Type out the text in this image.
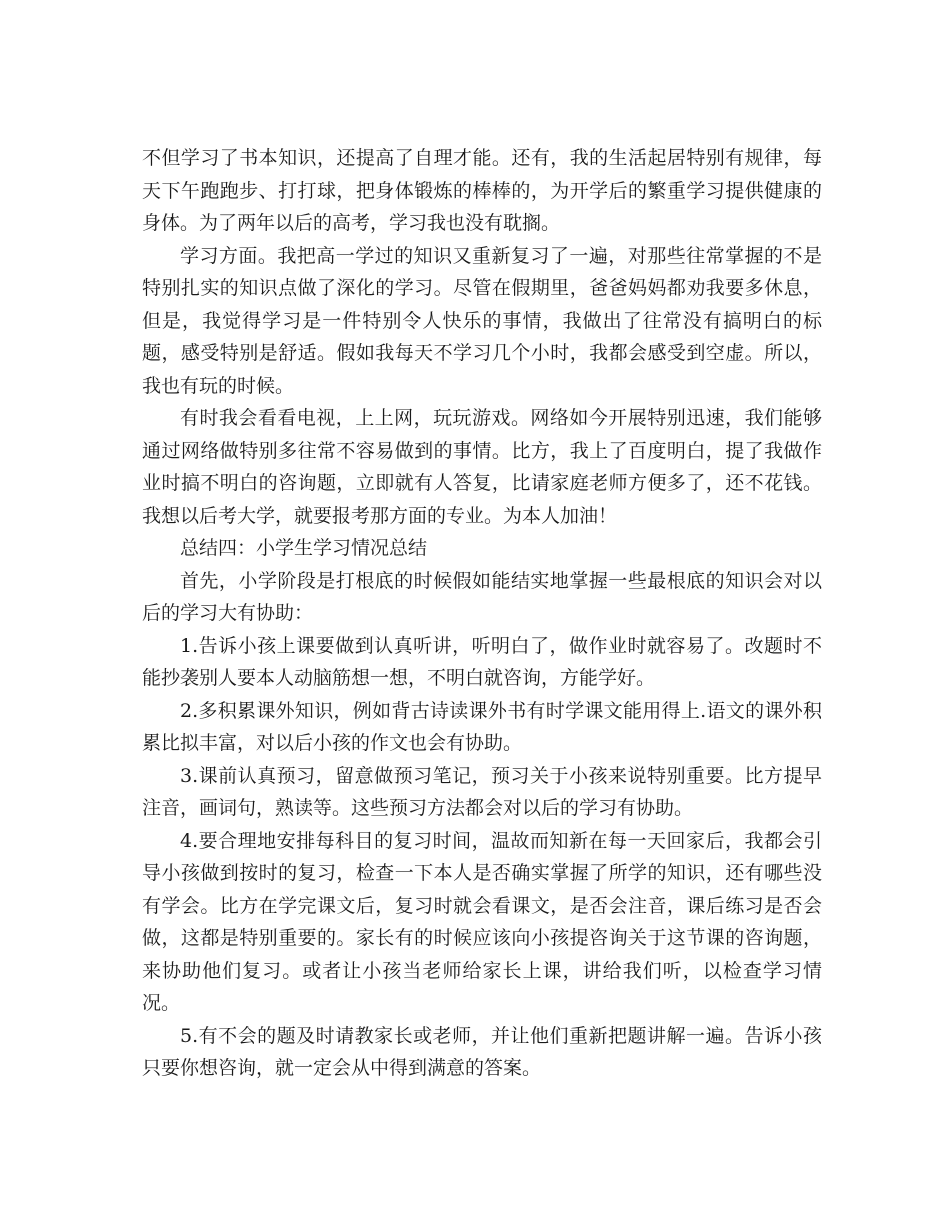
不但学习了书本知识，还提高了自理才能。还有，我的生活起居特别有规律，每天下午跑跑步、打打球，把身体锻炼的棒棒的，为开学后的繁重学习提供健康的身体。为了两年以后的高考，学习我也没有耽搁。

学习方面。我把高一学过的知识又重新复习了一遍，对那些往常掌握的不是特别扎实的知识点做了深化的学习。尽管在假期里，爸爸妈妈都劝我要多休息，但是，我觉得学习是一件特别令人快乐的事情，我做出了往常没有搞明白的标题，感受特别是舒适。假如我每天不学习几个小时，我都会感受到空虚。所以，我也有玩的时候。

有时我会看看电视，上上网，玩玩游戏。网络如今开展特别迅速，我们能够通过网络做特别多往常不容易做到的事情。比方，我上了百度明白，提了我做作业时搞不明白的咨询题，立即就有人答复，比请家庭老师方便多了，还不花钱。我想以后考大学，就要报考那方面的专业。为本人加油！

总结四：小学生学习情况总结

首先，小学阶段是打根底的时候假如能结实地掌握一些最根底的知识会对以后的学习大有协助：

1.告诉小孩上课要做到认真听讲，听明白了，做作业时就容易了。改题时不能抄袭别人要本人动脑筋想一想，不明白就咨询，方能学好。

2.多积累课外知识，例如背古诗读课外书有时学课文能用得上.语文的课外积累比拟丰富，对以后小孩的作文也会有协助。

3.课前认真预习，留意做预习笔记，预习关于小孩来说特别重要。比方提早注音，画词句，熟读等。这些预习方法都会对以后的学习有协助。

4.要合理地安排每科目的复习时间，温故而知新在每一天回家后，我都会引导小孩做到按时的复习，检查一下本人是否确实掌握了所学的知识，还有哪些没有学会。比方在学完课文后，复习时就会看课文，是否会注音，课后练习是否会做，这都是特别重要的。家长有的时候应该向小孩提咨询关于这节课的咨询题，来协助他们复习。或者让小孩当老师给家长上课，讲给我们听，以检查学习情况。

5.有不会的题及时请教家长或老师，并让他们重新把题讲解一遍。告诉小孩只要你想咨询，就一定会从中得到满意的答案。
